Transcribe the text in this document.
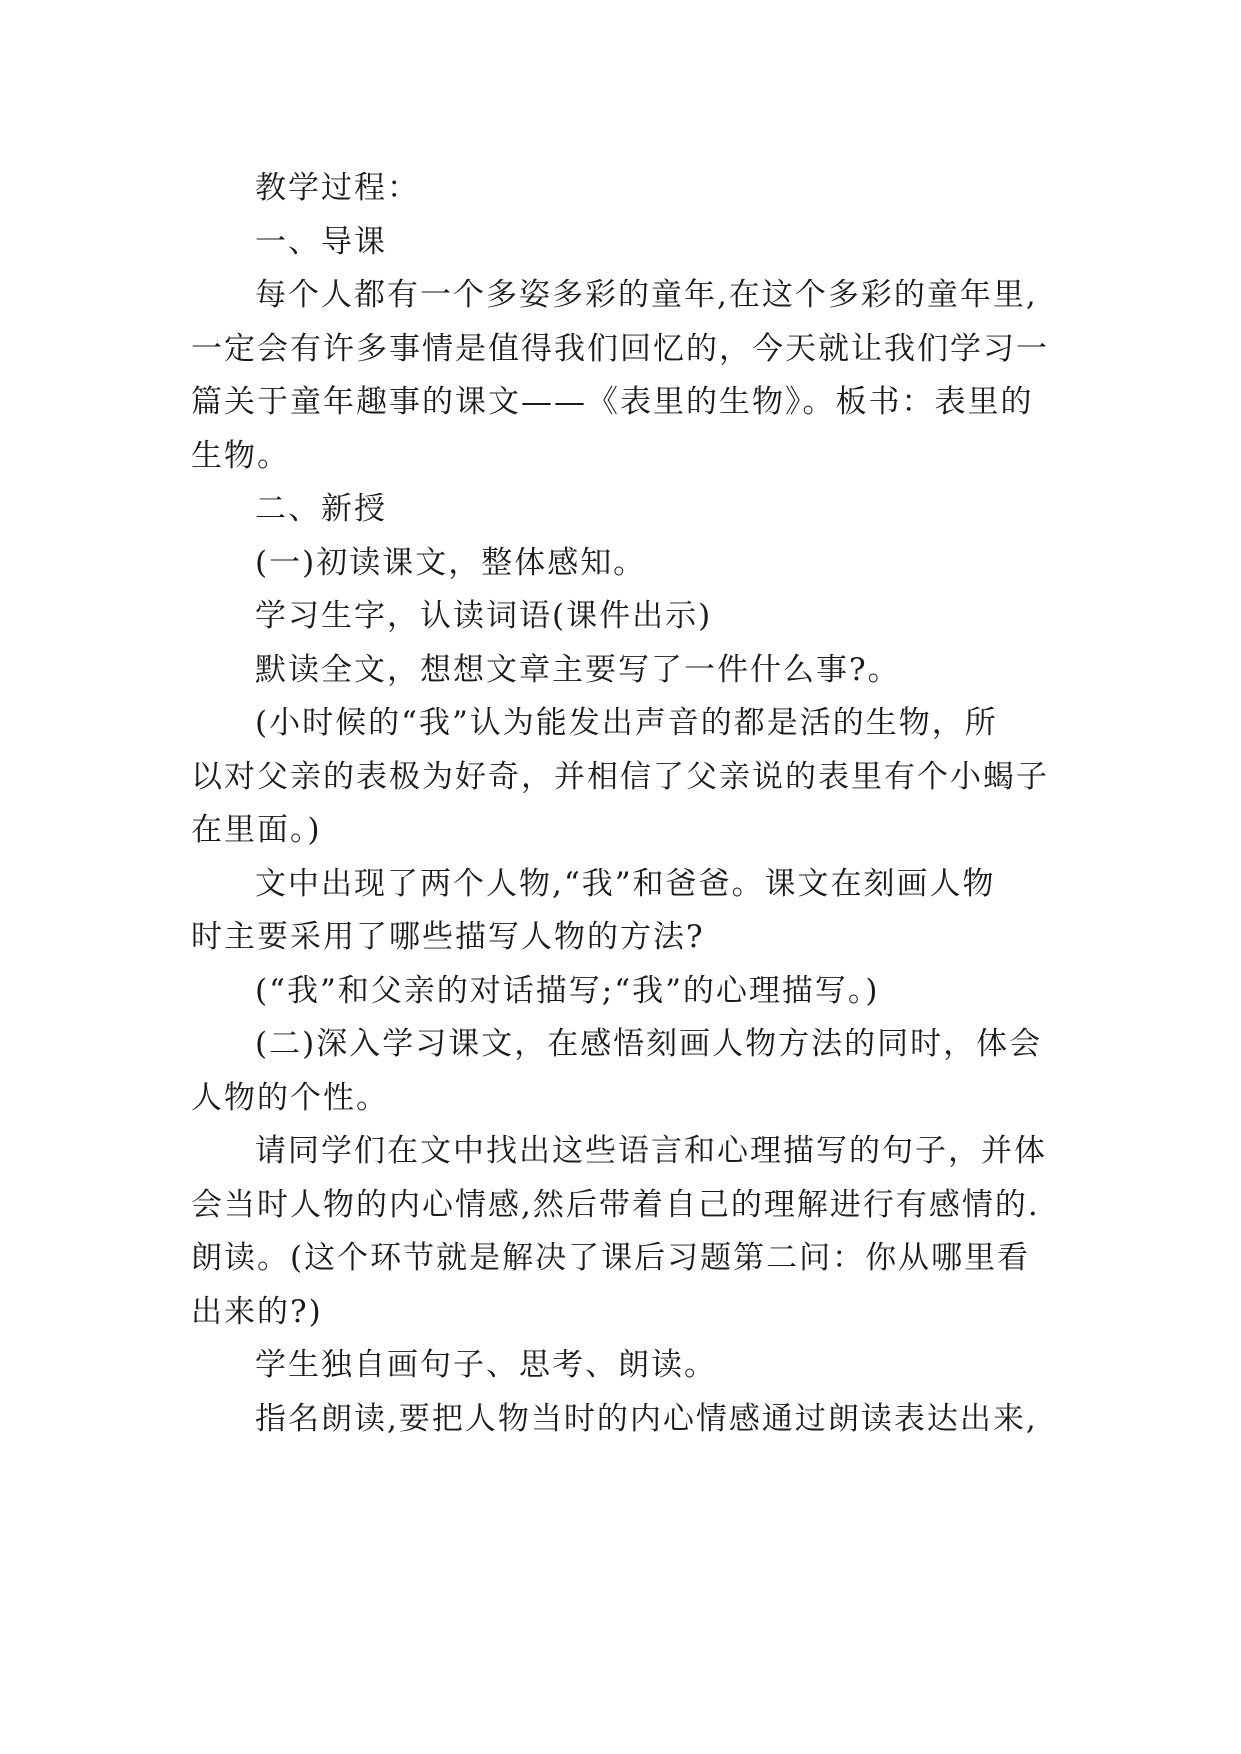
教学过程：
一、导课
每个人都有一个多姿多彩的童年,在这个多彩的童年里,
一定会有许多事情是值得我们回忆的，今天就让我们学习一
篇关于童年趣事的课文——《表里的生物》。板书：表里的
生物。
二、新授
(一)初读课文，整体感知。
学习生字，认读词语(课件出示)
默读全文，想想文章主要写了一件什么事?。
(小时候的“我”认为能发出声音的都是活的生物，所
以对父亲的表极为好奇，并相信了父亲说的表里有个小蝎子
在里面。)
文中出现了两个人物,“我”和爸爸。课文在刻画人物
时主要采用了哪些描写人物的方法?
(“我”和父亲的对话描写;“我”的心理描写。)
(二)深入学习课文，在感悟刻画人物方法的同时，体会
人物的个性。
请同学们在文中找出这些语言和心理描写的句子，并体
会当时人物的内心情感,然后带着自己的理解进行有感情的.
朗读。(这个环节就是解决了课后习题第二问：你从哪里看
出来的?)
学生独自画句子、思考、朗读。
指名朗读,要把人物当时的内心情感通过朗读表达出来,
